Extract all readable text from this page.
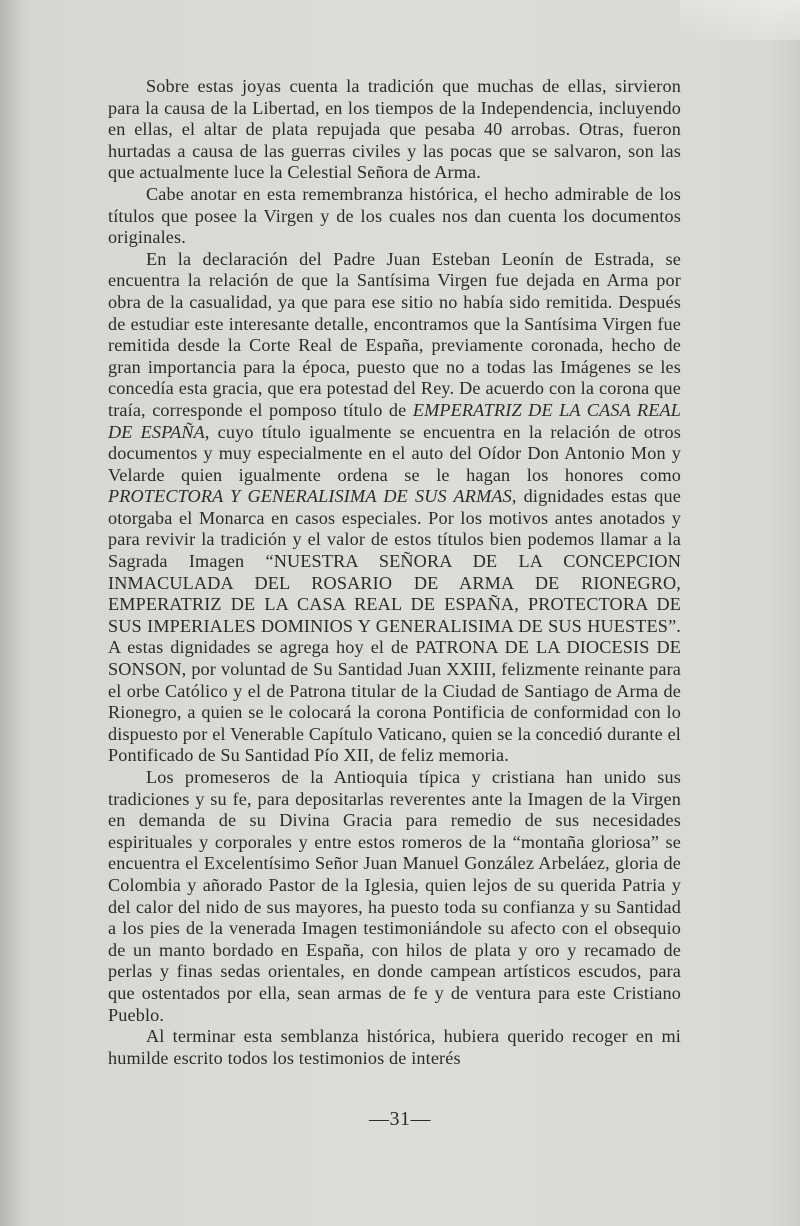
Sobre estas joyas cuenta la tradición que muchas de ellas, sirvieron para la causa de la Libertad, en los tiempos de la Independencia, incluyendo en ellas, el altar de plata repujada que pesaba 40 arrobas. Otras, fueron hurtadas a causa de las guerras civiles y las pocas que se salvaron, son las que actualmente luce la Celestial Señora de Arma.

Cabe anotar en esta remembranza histórica, el hecho admirable de los títulos que posee la Virgen y de los cuales nos dan cuenta los documentos originales.

En la declaración del Padre Juan Esteban Leonín de Estrada, se encuentra la relación de que la Santísima Virgen fue dejada en Arma por obra de la casualidad, ya que para ese sitio no había sido remitida. Después de estudiar este interesante detalle, encontramos que la Santísima Virgen fue remitida desde la Corte Real de España, previamente coronada, hecho de gran importancia para la época, puesto que no a todas las Imágenes se les concedía esta gracia, que era potestad del Rey. De acuerdo con la corona que traía, corresponde el pomposo título de EMPERATRIZ DE LA CASA REAL DE ESPAÑA, cuyo título igualmente se encuentra en la relación de otros documentos y muy especialmente en el auto del Oídor Don Antonio Mon y Velarde quien igualmente ordena se le hagan los honores como PROTECTORA Y GENERALISIMA DE SUS ARMAS, dignidades estas que otorgaba el Monarca en casos especiales. Por los motivos antes anotados y para revivir la tradición y el valor de estos títulos bien podemos llamar a la Sagrada Imagen “NUESTRA SEÑORA DE LA CONCEPCION INMACULADA DEL ROSARIO DE ARMA DE RIONEGRO, EMPERATRIZ DE LA CASA REAL DE ESPAÑA, PROTECTORA DE SUS IMPERIALES DOMINIOS Y GENERALISIMA DE SUS HUESTES”. A estas dignidades se agrega hoy el de PATRONA DE LA DIOCESIS DE SONSON, por voluntad de Su Santidad Juan XXIII, felizmente reinante para el orbe Católico y el de Patrona titular de la Ciudad de Santiago de Arma de Rionegro, a quien se le colocará la corona Pontificia de conformidad con lo dispuesto por el Venerable Capítulo Vaticano, quien se la concedió durante el Pontificado de Su Santidad Pío XII, de feliz memoria.

Los promeseros de la Antioquia típica y cristiana han unido sus tradiciones y su fe, para depositarlas reverentes ante la Imagen de la Virgen en demanda de su Divina Gracia para remedio de sus necesidades espirituales y corporales y entre estos romeros de la “montaña gloriosa” se encuentra el Excelentísimo Señor Juan Manuel González Arbeláez, gloria de Colombia y añorado Pastor de la Iglesia, quien lejos de su querida Patria y del calor del nido de sus mayores, ha puesto toda su confianza y su Santidad a los pies de la venerada Imagen testimoniándole su afecto con el obsequio de un manto bordado en España, con hilos de plata y oro y recamado de perlas y finas sedas orientales, en donde campean artísticos escudos, para que ostentados por ella, sean armas de fe y de ventura para este Cristiano Pueblo.

Al terminar esta semblanza histórica, hubiera querido recoger en mi humilde escrito todos los testimonios de interés

—31—
